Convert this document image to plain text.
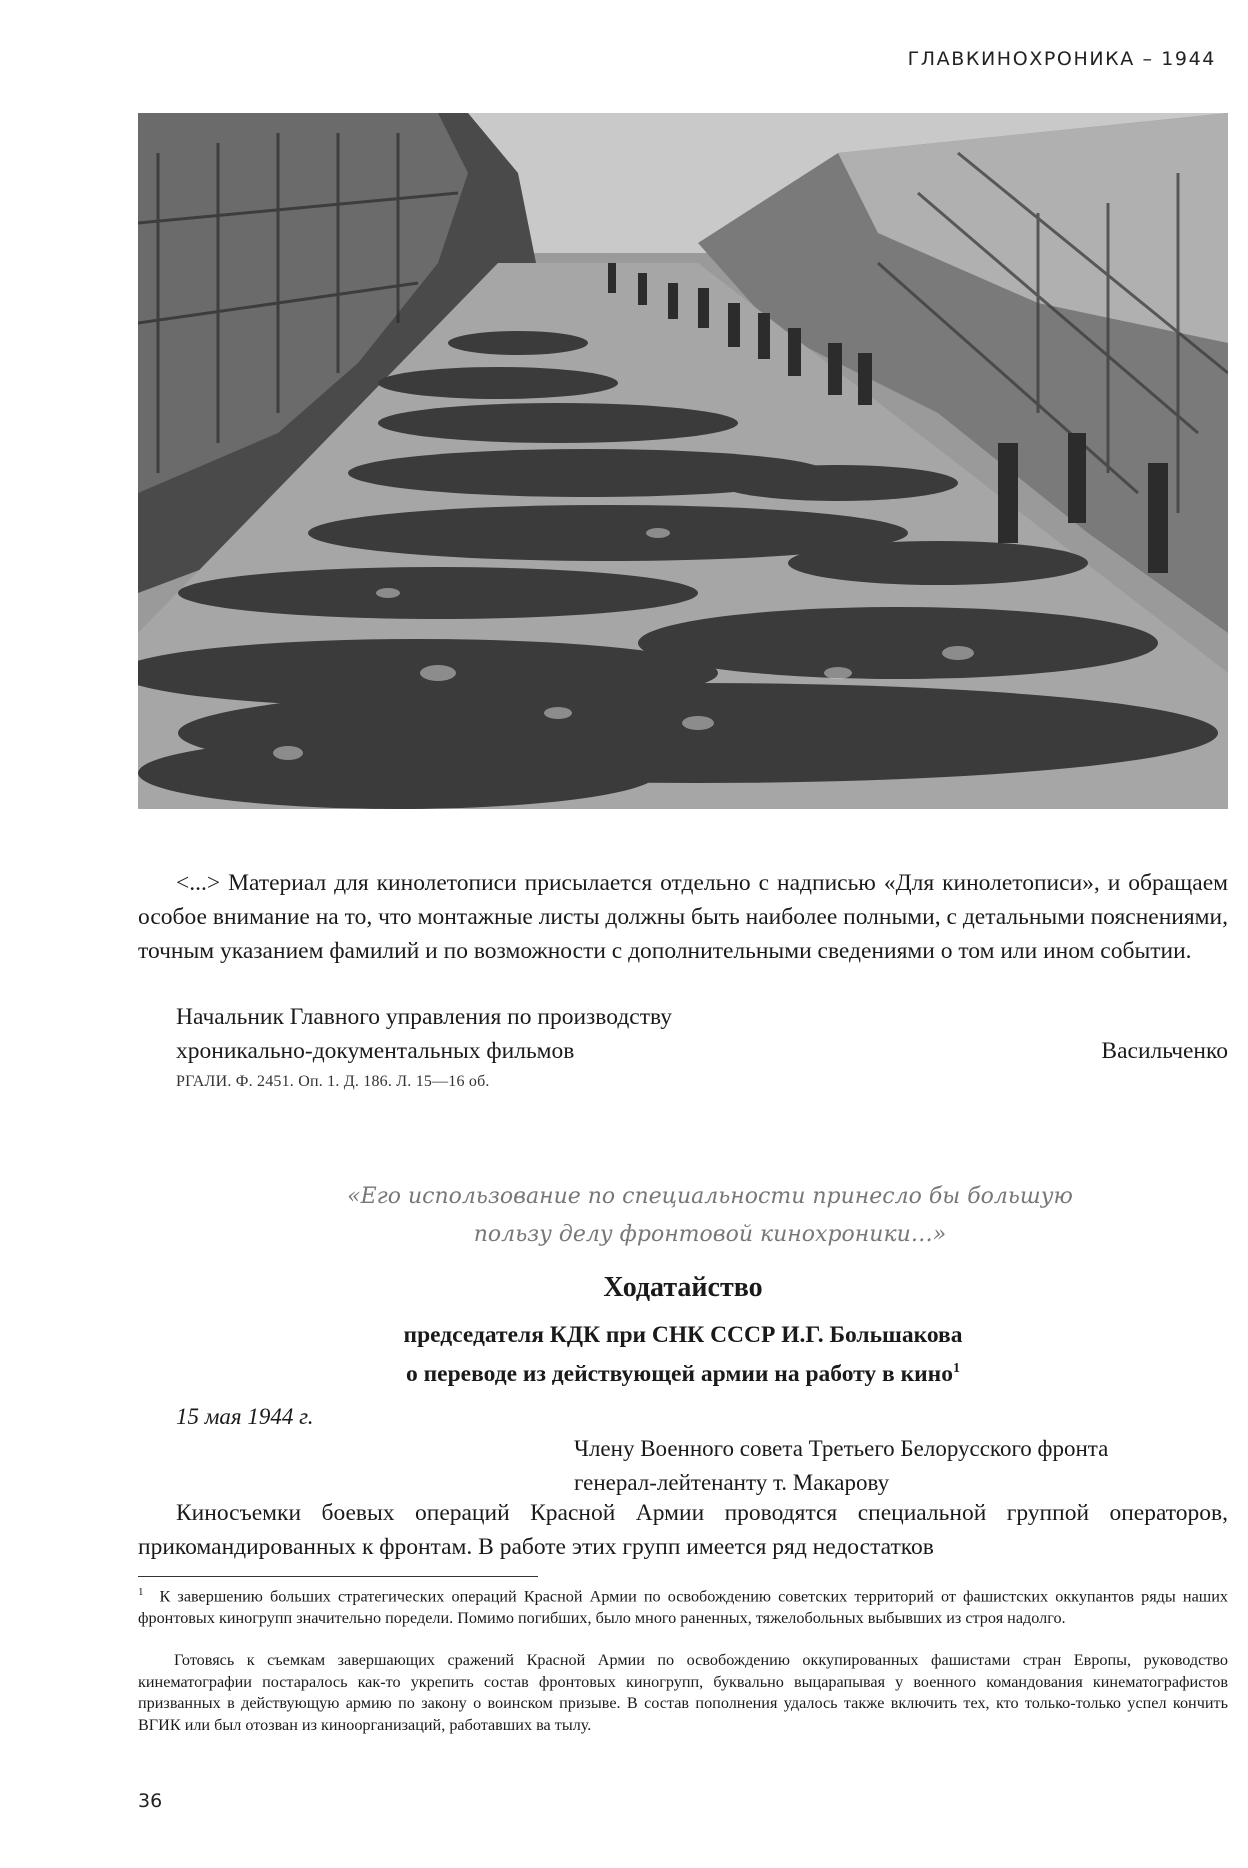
ГЛАВКИНОХРОНИКА – 1944
<...> Материал для кинолетописи присылается отдельно с надписью «Для кинолетописи», и обращаем особое внимание на то, что монтажные листы должны быть наиболее полными, с детальными пояснениями, точным указанием фамилий и по возможности с дополнительными сведениями о том или ином событии.
Начальник Главного управления по производству
хроникально-документальных фильмов	Васильченко
РГАЛИ. Ф. 2451. Оп. 1. Д. 186. Л. 15—16 об.
«Его использование по специальности принесло бы большую
пользу делу фронтовой кинохроники…»
Ходатайство
председателя КДК при СНК СССР И.Г. Большакова
о переводе из действующей армии на работу в кино$^1$
15 мая 1944 г.
Члену Военного совета Третьего Белорусского фронта
генерал-лейтенанту т. Макарову
Киносъемки боевых операций Красной Армии проводятся специальной группой операторов, прикомандированных к фронтам. В работе этих групп имеется ряд недостатков
$^1$ К завершению больших стратегических операций Красной Армии по освобождению советских территорий от фашистских оккупантов ряды наших фронтовых киногрупп значительно поредели. Помимо погибших, было много раненных, тяжелобольных выбывших из строя надолго.
Готовясь к съемкам завершающих сражений Красной Армии по освобождению оккупированных фашистами стран Европы, руководство кинематографии постаралось как-то укрепить состав фронтовых киногрупп, буквально выцарапывая у военного командования кинематографистов призванных в действующую армию по закону о воинском призыве. В состав пополнения удалось также включить тех, кто только-только успел кончить ВГИК или был отозван из киноорганизаций, работавших ва тылу.
36
